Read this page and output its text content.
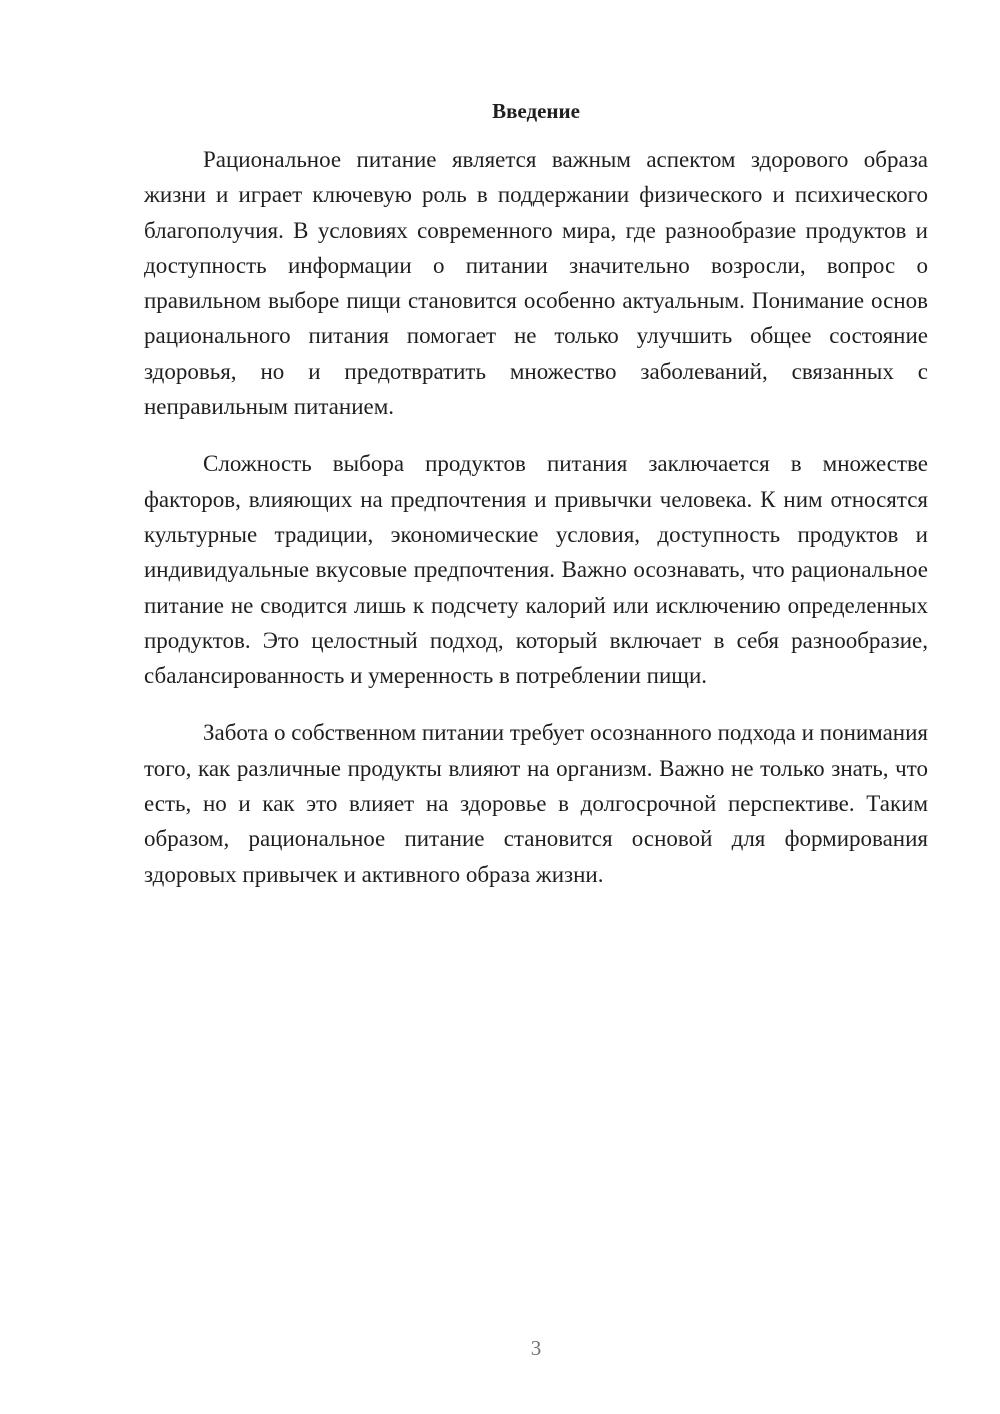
Введение

Рациональное питание является важным аспектом здорового образа жизни и играет ключевую роль в поддержании физического и психического благополучия. В условиях современного мира, где разнообразие продуктов и доступность информации о питании значительно возросли, вопрос о правильном выборе пищи становится особенно актуальным. Понимание основ рационального питания помогает не только улучшить общее состояние здоровья, но и предотвратить множество заболеваний, связанных с неправильным питанием.

Сложность выбора продуктов питания заключается в множестве факторов, влияющих на предпочтения и привычки человека. К ним относятся культурные традиции, экономические условия, доступность продуктов и индивидуальные вкусовые предпочтения. Важно осознавать, что рациональное питание не сводится лишь к подсчету калорий или исключению определенных продуктов. Это целостный подход, который включает в себя разнообразие, сбалансированность и умеренность в потреблении пищи.

Забота о собственном питании требует осознанного подхода и понимания того, как различные продукты влияют на организм. Важно не только знать, что есть, но и как это влияет на здоровье в долгосрочной перспективе. Таким образом, рациональное питание становится основой для формирования здоровых привычек и активного образа жизни.

3
